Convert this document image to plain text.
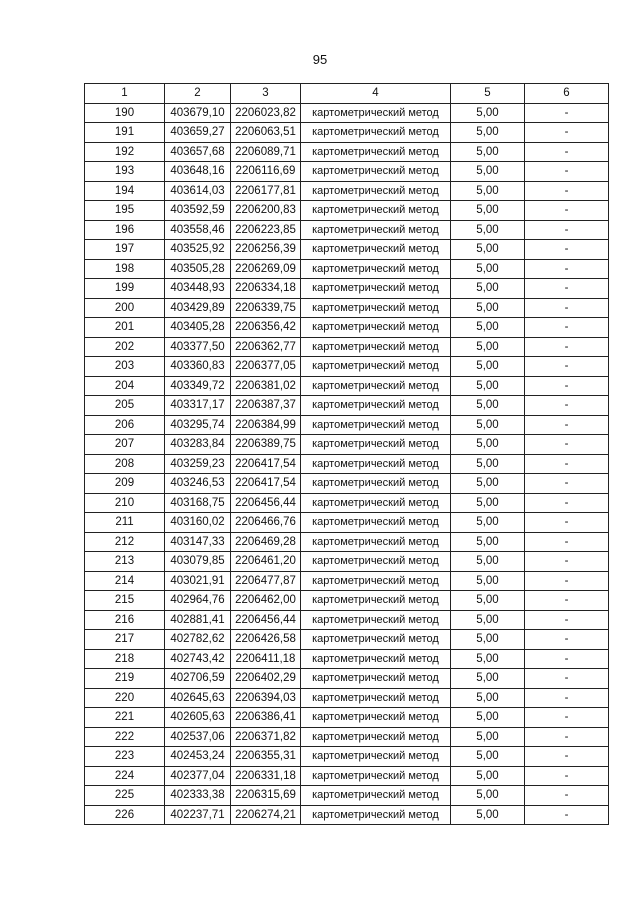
95
1	2	3	4	5	6
190	403679,10	2206023,82	картометрический метод	5,00	-
191	403659,27	2206063,51	картометрический метод	5,00	-
192	403657,68	2206089,71	картометрический метод	5,00	-
193	403648,16	2206116,69	картометрический метод	5,00	-
194	403614,03	2206177,81	картометрический метод	5,00	-
195	403592,59	2206200,83	картометрический метод	5,00	-
196	403558,46	2206223,85	картометрический метод	5,00	-
197	403525,92	2206256,39	картометрический метод	5,00	-
198	403505,28	2206269,09	картометрический метод	5,00	-
199	403448,93	2206334,18	картометрический метод	5,00	-
200	403429,89	2206339,75	картометрический метод	5,00	-
201	403405,28	2206356,42	картометрический метод	5,00	-
202	403377,50	2206362,77	картометрический метод	5,00	-
203	403360,83	2206377,05	картометрический метод	5,00	-
204	403349,72	2206381,02	картометрический метод	5,00	-
205	403317,17	2206387,37	картометрический метод	5,00	-
206	403295,74	2206384,99	картометрический метод	5,00	-
207	403283,84	2206389,75	картометрический метод	5,00	-
208	403259,23	2206417,54	картометрический метод	5,00	-
209	403246,53	2206417,54	картометрический метод	5,00	-
210	403168,75	2206456,44	картометрический метод	5,00	-
211	403160,02	2206466,76	картометрический метод	5,00	-
212	403147,33	2206469,28	картометрический метод	5,00	-
213	403079,85	2206461,20	картометрический метод	5,00	-
214	403021,91	2206477,87	картометрический метод	5,00	-
215	402964,76	2206462,00	картометрический метод	5,00	-
216	402881,41	2206456,44	картометрический метод	5,00	-
217	402782,62	2206426,58	картометрический метод	5,00	-
218	402743,42	2206411,18	картометрический метод	5,00	-
219	402706,59	2206402,29	картометрический метод	5,00	-
220	402645,63	2206394,03	картометрический метод	5,00	-
221	402605,63	2206386,41	картометрический метод	5,00	-
222	402537,06	2206371,82	картометрический метод	5,00	-
223	402453,24	2206355,31	картометрический метод	5,00	-
224	402377,04	2206331,18	картометрический метод	5,00	-
225	402333,38	2206315,69	картометрический метод	5,00	-
226	402237,71	2206274,21	картометрический метод	5,00	-
